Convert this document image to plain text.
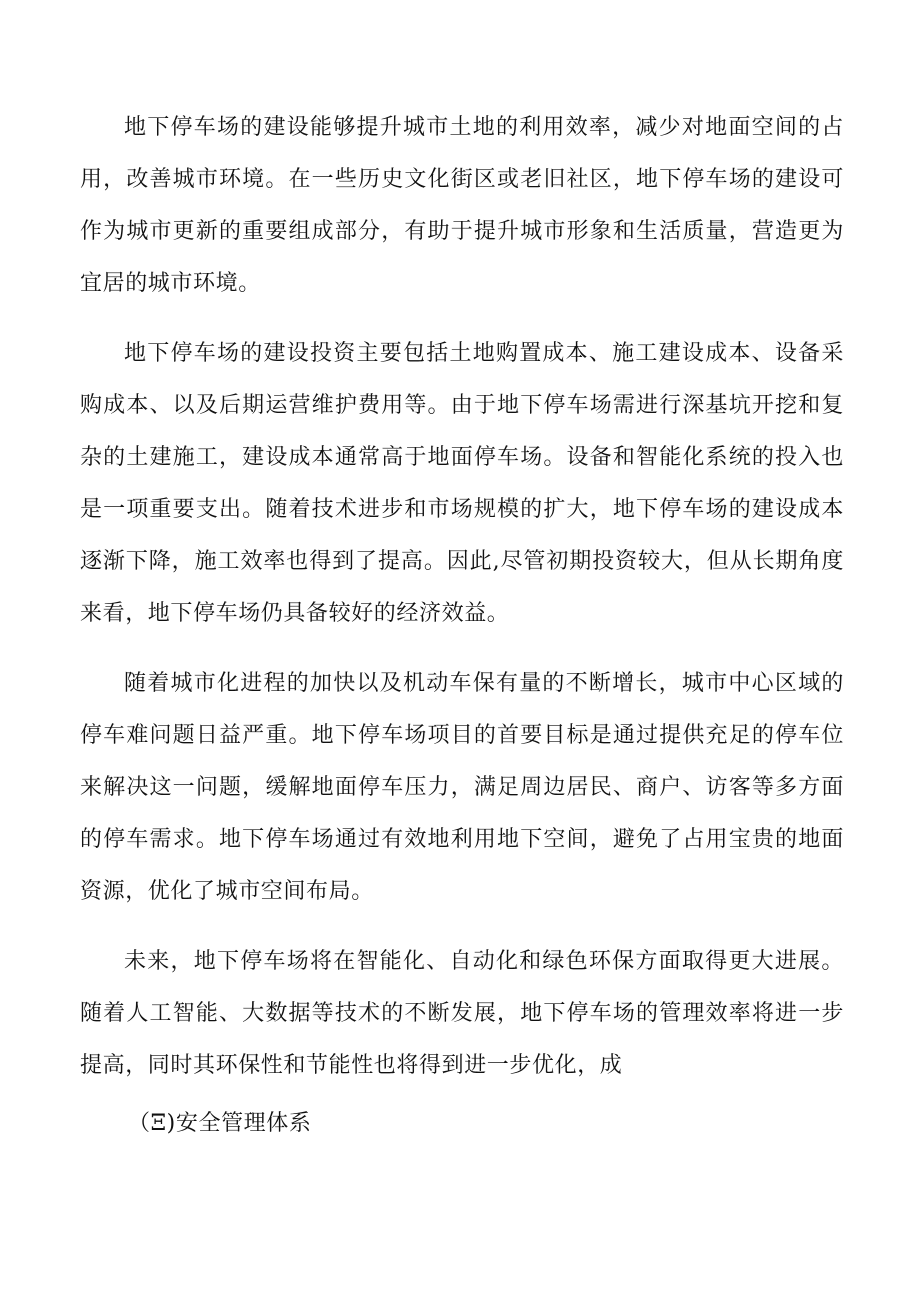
地下停车场的建设能够提升城市土地的利用效率，减少对地面空间的占用，改善城市环境。在一些历史文化街区或老旧社区，地下停车场的建设可作为城市更新的重要组成部分，有助于提升城市形象和生活质量，营造更为宜居的城市环境。

地下停车场的建设投资主要包括土地购置成本、施工建设成本、设备采购成本、以及后期运营维护费用等。由于地下停车场需进行深基坑开挖和复杂的土建施工，建设成本通常高于地面停车场。设备和智能化系统的投入也是一项重要支出。随着技术进步和市场规模的扩大，地下停车场的建设成本逐渐下降，施工效率也得到了提高。因此,尽管初期投资较大，但从长期角度来看，地下停车场仍具备较好的经济效益。

随着城市化进程的加快以及机动车保有量的不断增长，城市中心区域的停车难问题日益严重。地下停车场项目的首要目标是通过提供充足的停车位来解决这一问题，缓解地面停车压力，满足周边居民、商户、访客等多方面的停车需求。地下停车场通过有效地利用地下空间，避免了占用宝贵的地面资源，优化了城市空间布局。

未来，地下停车场将在智能化、自动化和绿色环保方面取得更大进展。随着人工智能、大数据等技术的不断发展，地下停车场的管理效率将进一步提高，同时其环保性和节能性也将得到进一步优化，成

（Ξ)安全管理体系
